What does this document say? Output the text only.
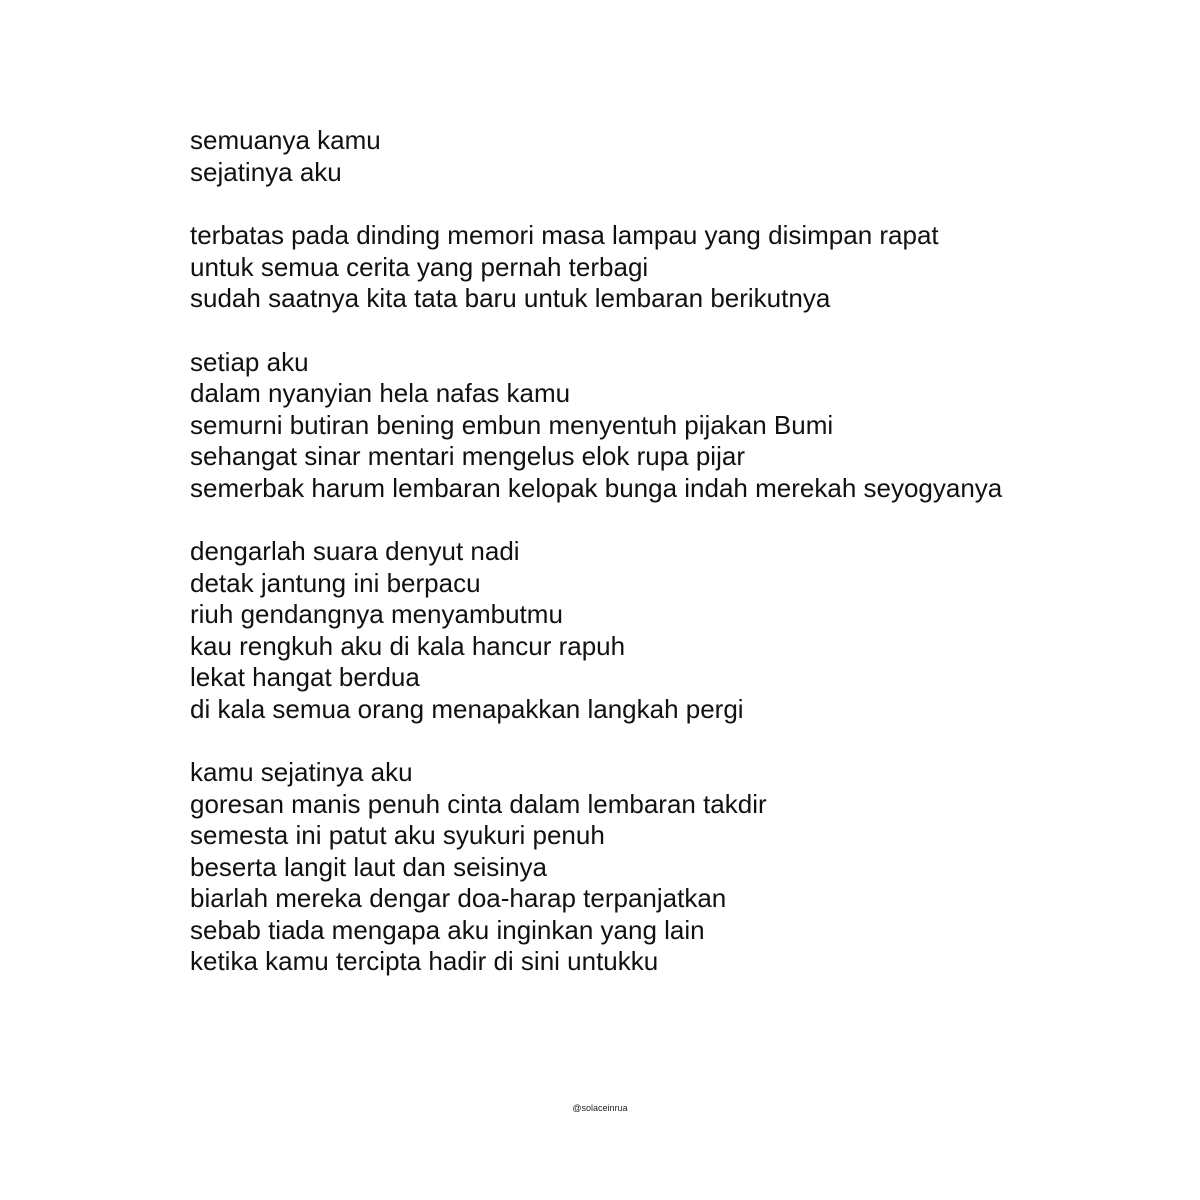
semuanya kamu
sejatinya aku
terbatas pada dinding memori masa lampau yang disimpan rapat
untuk semua cerita yang pernah terbagi
sudah saatnya kita tata baru untuk lembaran berikutnya
setiap aku
dalam nyanyian hela nafas kamu
semurni butiran bening embun menyentuh pijakan Bumi
sehangat sinar mentari mengelus elok rupa pijar
semerbak harum lembaran kelopak bunga indah merekah seyogyanya
dengarlah suara denyut nadi
detak jantung ini berpacu
riuh gendangnya menyambutmu
kau rengkuh aku di kala hancur rapuh
lekat hangat berdua
di kala semua orang menapakkan langkah pergi
kamu sejatinya aku
goresan manis penuh cinta dalam lembaran takdir
semesta ini patut aku syukuri penuh
beserta langit laut dan seisinya
biarlah mereka dengar doa-harap terpanjatkan
sebab tiada mengapa aku inginkan yang lain
ketika kamu tercipta hadir di sini untukku
@solaceinrua
